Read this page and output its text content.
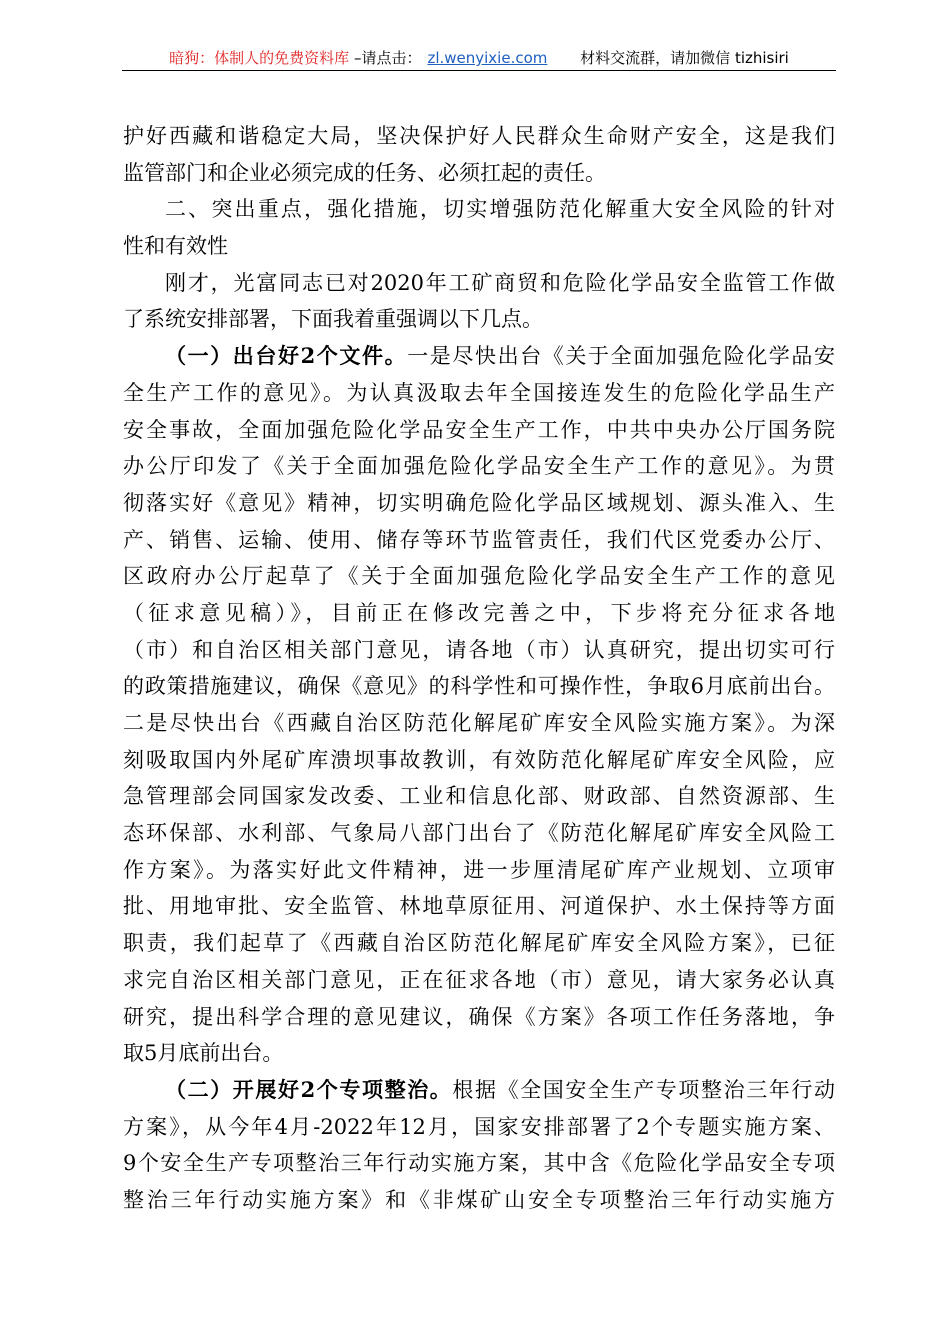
暗狗：体制人的免费资料库 –请点击： zl.wenyixie.com 材料交流群，请加微信 tizhisiri
护好西藏和谐稳定大局，坚决保护好人民群众生命财产安全，这是我们
监管部门和企业必须完成的任务、必须扛起的责任。
二、突出重点，强化措施，切实增强防范化解重大安全风险的针对
性和有效性
刚才，光富同志已对2020年工矿商贸和危险化学品安全监管工作做
了系统安排部署，下面我着重强调以下几点。
（一）出台好2个文件。一是尽快出台《关于全面加强危险化学品安
全生产工作的意见》。为认真汲取去年全国接连发生的危险化学品生产
安全事故，全面加强危险化学品安全生产工作，中共中央办公厅国务院
办公厅印发了《关于全面加强危险化学品安全生产工作的意见》。为贯
彻落实好《意见》精神，切实明确危险化学品区域规划、源头准入、生
产、销售、运输、使用、储存等环节监管责任，我们代区党委办公厅、
区政府办公厅起草了《关于全面加强危险化学品安全生产工作的意见
（征求意见稿）》，目前正在修改完善之中，下步将充分征求各地
（市）和自治区相关部门意见，请各地（市）认真研究，提出切实可行
的政策措施建议，确保《意见》的科学性和可操作性，争取6月底前出台。
二是尽快出台《西藏自治区防范化解尾矿库安全风险实施方案》。为深
刻吸取国内外尾矿库溃坝事故教训，有效防范化解尾矿库安全风险，应
急管理部会同国家发改委、工业和信息化部、财政部、自然资源部、生
态环保部、水利部、气象局八部门出台了《防范化解尾矿库安全风险工
作方案》。为落实好此文件精神，进一步厘清尾矿库产业规划、立项审
批、用地审批、安全监管、林地草原征用、河道保护、水土保持等方面
职责，我们起草了《西藏自治区防范化解尾矿库安全风险方案》，已征
求完自治区相关部门意见，正在征求各地（市）意见，请大家务必认真
研究，提出科学合理的意见建议，确保《方案》各项工作任务落地，争
取5月底前出台。
（二）开展好2个专项整治。根据《全国安全生产专项整治三年行动
方案》，从今年4月-2022年12月，国家安排部署了2个专题实施方案、
9个安全生产专项整治三年行动实施方案，其中含《危险化学品安全专项
整治三年行动实施方案》和《非煤矿山安全专项整治三年行动实施方
